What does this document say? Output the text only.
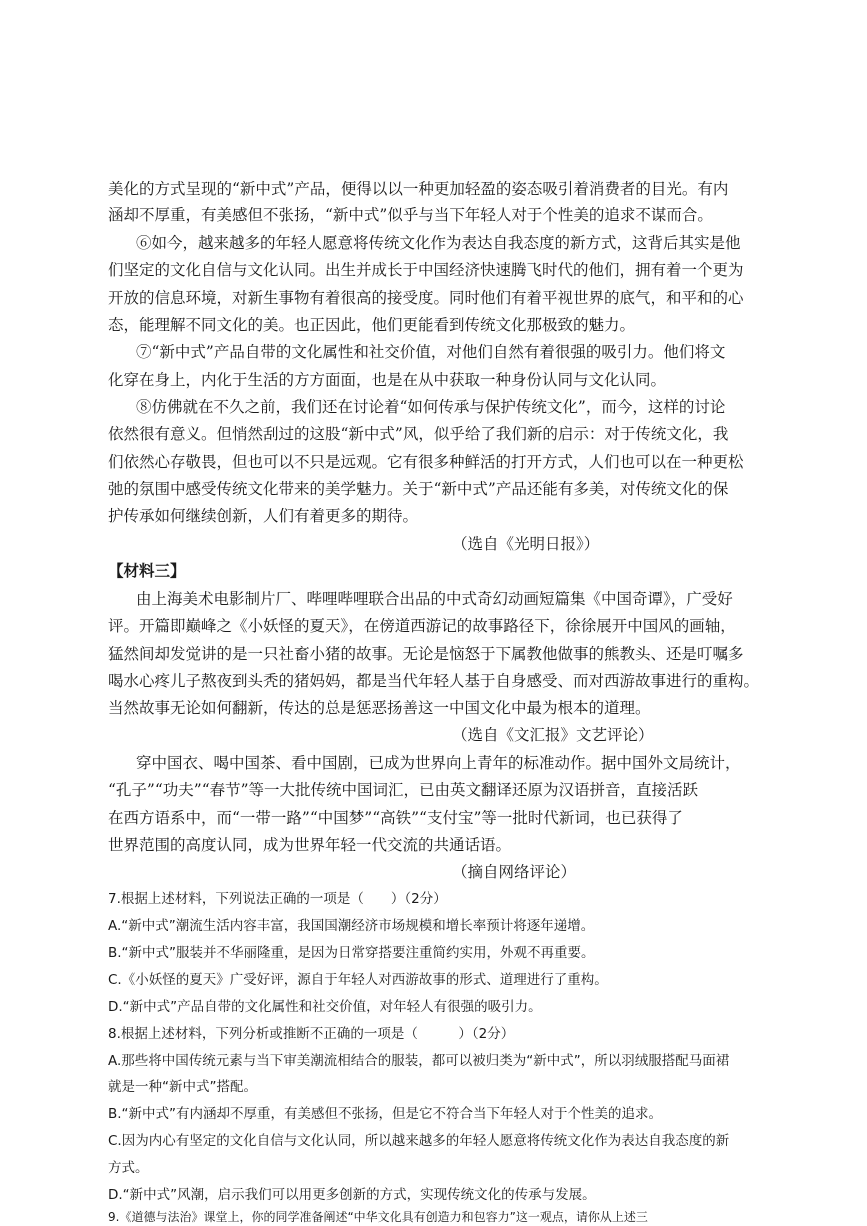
美化的方式呈现的“新中式”产品，便得以以一种更加轻盈的姿态吸引着消费者的目光。有内
涵却不厚重，有美感但不张扬，“新中式”似乎与当下年轻人对于个性美的追求不谋而合。
⑥如今，越来越多的年轻人愿意将传统文化作为表达自我态度的新方式，这背后其实是他
们坚定的文化自信与文化认同。出生并成长于中国经济快速腾飞时代的他们，拥有着一个更为
开放的信息环境，对新生事物有着很高的接受度。同时他们有着平视世界的底气，和平和的心
态，能理解不同文化的美。也正因此，他们更能看到传统文化那极致的魅力。
⑦“新中式”产品自带的文化属性和社交价值，对他们自然有着很强的吸引力。他们将文
化穿在身上，内化于生活的方方面面，也是在从中获取一种身份认同与文化认同。
⑧仿佛就在不久之前，我们还在讨论着“如何传承与保护传统文化”，而今，这样的讨论
依然很有意义。但悄然刮过的这股“新中式”风，似乎给了我们新的启示：对于传统文化，我
们依然心存敬畏，但也可以不只是远观。它有很多种鲜活的打开方式，人们也可以在一种更松
弛的氛围中感受传统文化带来的美学魅力。关于“新中式”产品还能有多美，对传统文化的保
护传承如何继续创新，人们有着更多的期待。
（选自《光明日报》）
【材料三】
由上海美术电影制片厂、哔哩哔哩联合出品的中式奇幻动画短篇集《中国奇谭》，广受好
评。开篇即巅峰之《小妖怪的夏天》，在傍道西游记的故事路径下，徐徐展开中国风的画轴，
猛然间却发觉讲的是一只社畜小猪的故事。无论是恼怒于下属教他做事的熊教头、还是叮嘱多
喝水心疼儿子熬夜到头秃的猪妈妈，都是当代年轻人基于自身感受、而对西游故事进行的重构。
当然故事无论如何翻新，传达的总是惩恶扬善这一中国文化中最为根本的道理。
（选自《文汇报》文艺评论）
穿中国衣、喝中国茶、看中国剧，已成为世界向上青年的标准动作。据中国外文局统计，
“孔子”“功夫”“春节”等一大批传统中国词汇，已由英文翻译还原为汉语拼音，直接活跃
在西方语系中，而“一带一路”“中国梦”“高铁”“支付宝”等一批时代新词，也已获得了
世界范围的高度认同，成为世界年轻一代交流的共通话语。
（摘自网络评论）
7.根据上述材料，下列说法正确的一项是（　　）（2分）
A.“新中式”潮流生活内容丰富，我国国潮经济市场规模和增长率预计将逐年递增。
B.“新中式”服装并不华丽隆重，是因为日常穿搭要注重简约实用，外观不再重要。
C.《小妖怪的夏天》广受好评，源自于年轻人对西游故事的形式、道理进行了重构。
D.“新中式”产品自带的文化属性和社交价值，对年轻人有很强的吸引力。
8.根据上述材料，下列分析或推断不正确的一项是（　　　）（2分）
A.那些将中国传统元素与当下审美潮流相结合的服装，都可以被归类为“新中式”，所以羽绒服搭配马面裙
就是一种“新中式”搭配。
B.“新中式”有内涵却不厚重，有美感但不张扬，但是它不符合当下年轻人对于个性美的追求。
C.因为内心有坚定的文化自信与文化认同，所以越来越多的年轻人愿意将传统文化作为表达自我态度的新
方式。
D.“新中式”风潮，启示我们可以用更多创新的方式，实现传统文化的传承与发展。
9.《道德与法治》课堂上，你的同学准备阐述“中华文化具有创造力和包容力”这一观点，请你从上述三
